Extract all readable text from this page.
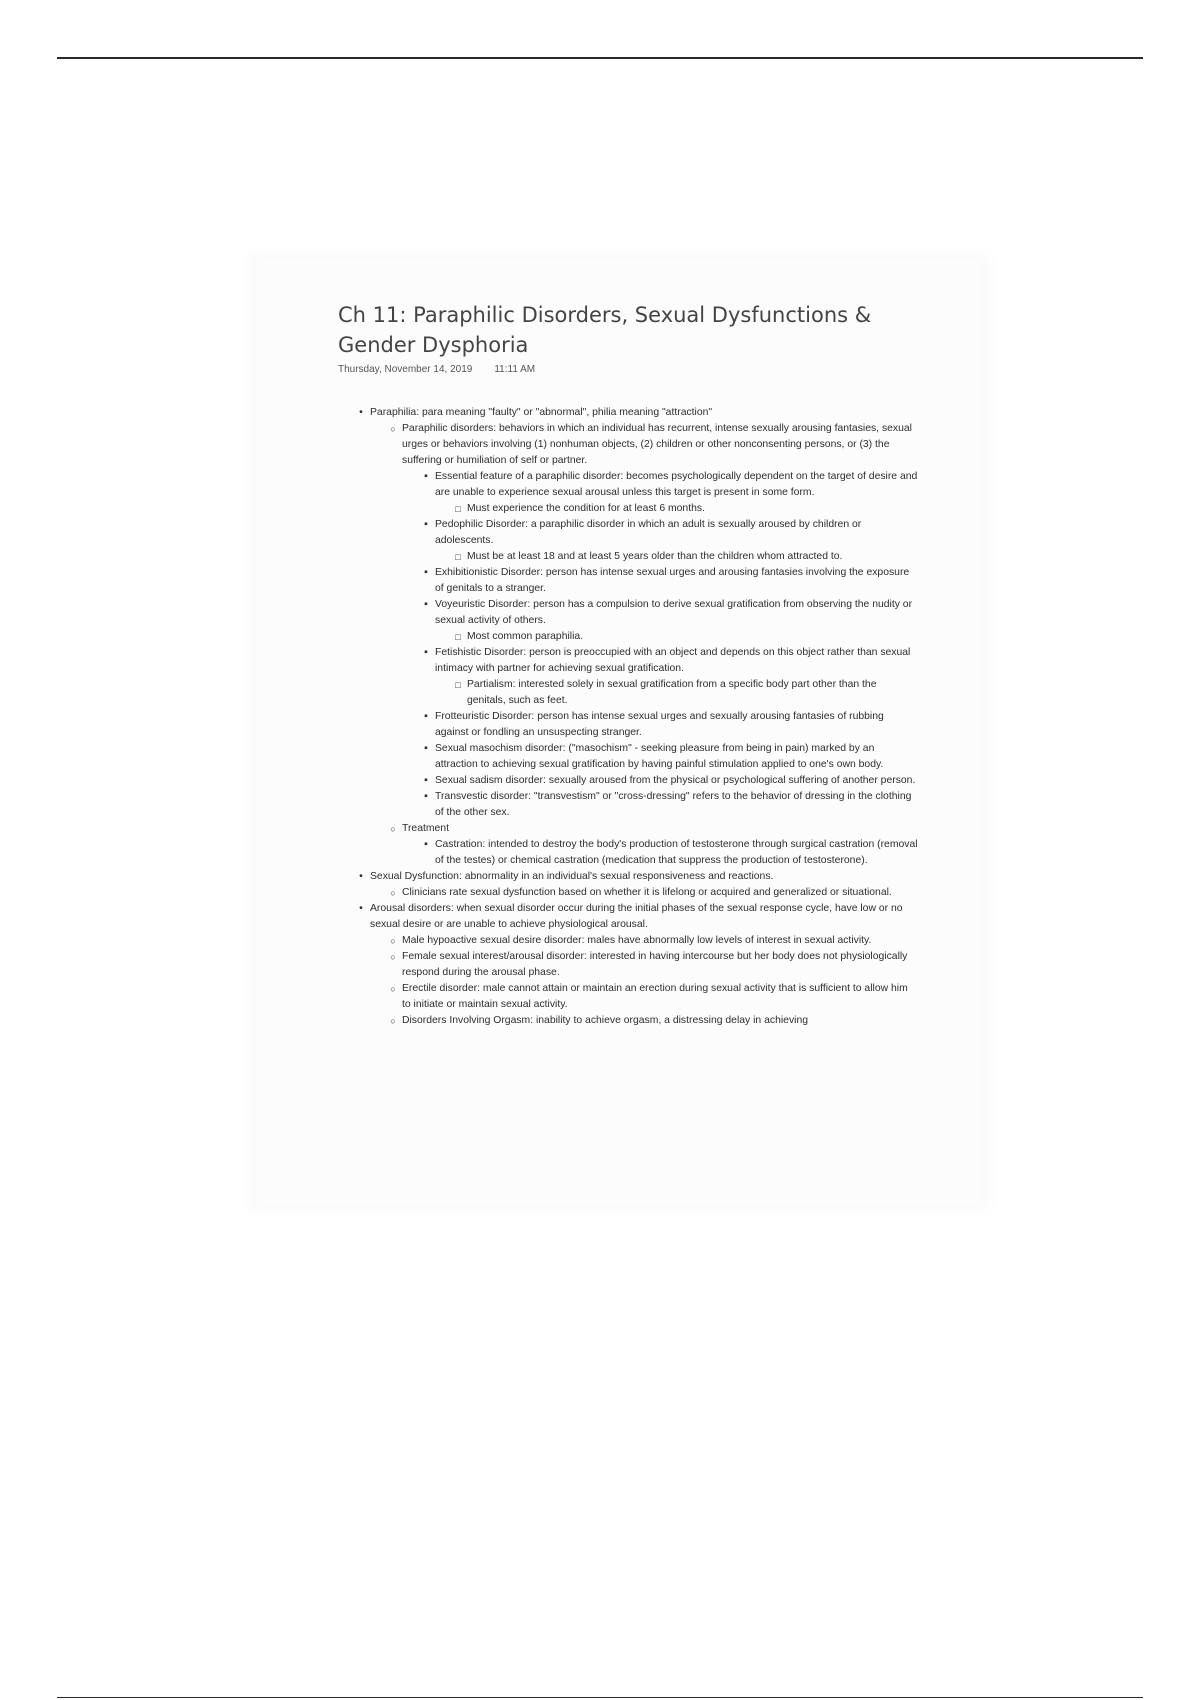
Ch 11: Paraphilic Disorders, Sexual Dysfunctions & Gender Dysphoria
Thursday, November 14, 2019 11:11 AM
• Paraphilia: para meaning "faulty" or "abnormal", philia meaning "attraction"
○ Paraphilic disorders: behaviors in which an individual has recurrent, intense sexually arousing fantasies, sexual urges or behaviors involving (1) nonhuman objects, (2) children or other nonconsenting persons, or (3) the suffering or humiliation of self or partner.
▪ Essential feature of a paraphilic disorder: becomes psychologically dependent on the target of desire and are unable to experience sexual arousal unless this target is present in some form.
□ Must experience the condition for at least 6 months.
▪ Pedophilic Disorder: a paraphilic disorder in which an adult is sexually aroused by children or adolescents.
□ Must be at least 18 and at least 5 years older than the children whom attracted to.
▪ Exhibitionistic Disorder: person has intense sexual urges and arousing fantasies involving the exposure of genitals to a stranger.
▪ Voyeuristic Disorder: person has a compulsion to derive sexual gratification from observing the nudity or sexual activity of others.
□ Most common paraphilia.
▪ Fetishistic Disorder: person is preoccupied with an object and depends on this object rather than sexual intimacy with partner for achieving sexual gratification.
□ Partialism: interested solely in sexual gratification from a specific body part other than the genitals, such as feet.
▪ Frotteuristic Disorder: person has intense sexual urges and sexually arousing fantasies of rubbing against or fondling an unsuspecting stranger.
▪ Sexual masochism disorder: ("masochism" - seeking pleasure from being in pain) marked by an attraction to achieving sexual gratification by having painful stimulation applied to one's own body.
▪ Sexual sadism disorder: sexually aroused from the physical or psychological suffering of another person.
▪ Transvestic disorder: "transvestism" or "cross-dressing" refers to the behavior of dressing in the clothing of the other sex.
○ Treatment
▪ Castration: intended to destroy the body's production of testosterone through surgical castration (removal of the testes) or chemical castration (medication that suppress the production of testosterone).
• Sexual Dysfunction: abnormality in an individual's sexual responsiveness and reactions.
○ Clinicians rate sexual dysfunction based on whether it is lifelong or acquired and generalized or situational.
• Arousal disorders: when sexual disorder occur during the initial phases of the sexual response cycle, have low or no sexual desire or are unable to achieve physiological arousal.
○ Male hypoactive sexual desire disorder: males have abnormally low levels of interest in sexual activity.
○ Female sexual interest/arousal disorder: interested in having intercourse but her body does not physiologically respond during the arousal phase.
○ Erectile disorder: male cannot attain or maintain an erection during sexual activity that is sufficient to allow him to initiate or maintain sexual activity.
○ Disorders Involving Orgasm: inability to achieve orgasm, a distressing delay in achieving
